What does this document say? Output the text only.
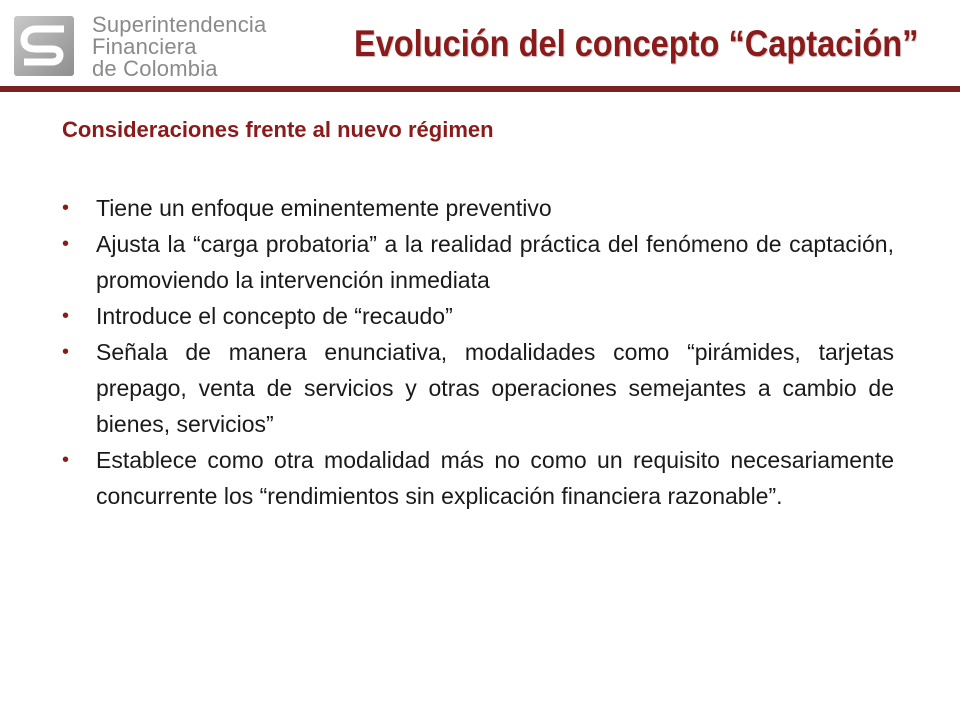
Superintendencia
Financiera
de Colombia
Evolución del concepto “Captación”
Consideraciones frente al nuevo régimen
• Tiene un enfoque eminentemente preventivo
• Ajusta la “carga probatoria” a la realidad práctica del fenómeno de captación, promoviendo la intervención inmediata
• Introduce el concepto de “recaudo”
• Señala de manera enunciativa, modalidades como “pirámides, tarjetas prepago, venta de servicios y otras operaciones semejantes a cambio de bienes, servicios”
• Establece como otra modalidad más no como un requisito necesariamente concurrente los “rendimientos sin explicación financiera razonable”.
